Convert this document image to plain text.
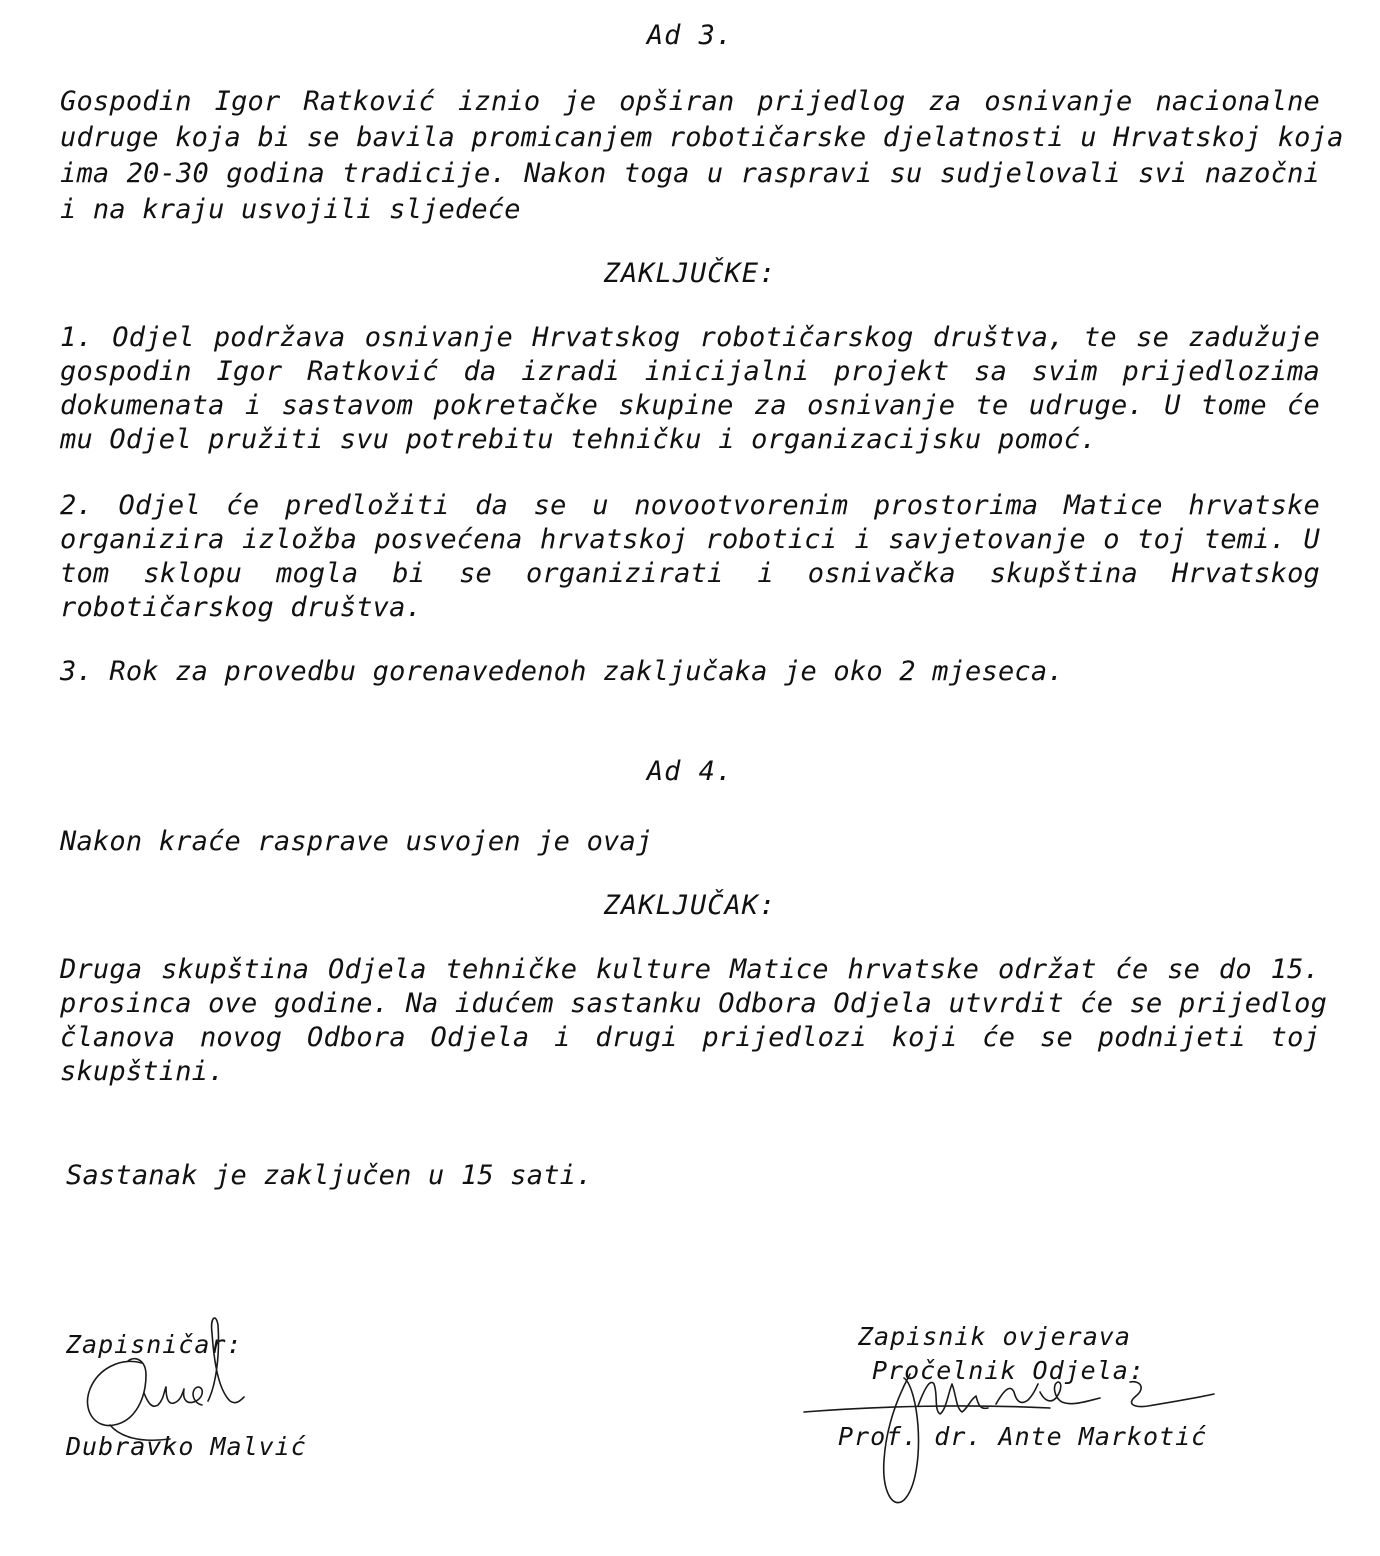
Ad 3.
Gospodin Igor Ratković iznio je opširan prijedlog za osnivanje nacionalne
udruge koja bi se bavila promicanjem robotičarske djelatnosti u Hrvatskoj koja
ima 20-30 godina tradicije. Nakon toga u raspravi su sudjelovali svi nazočni
i na kraju usvojili sljedeće
ZAKLJUČKE:
1. Odjel podržava osnivanje Hrvatskog robotičarskog društva, te se zadužuje
gospodin Igor Ratković da izradi inicijalni projekt sa svim prijedlozima
dokumenata i sastavom pokretačke skupine za osnivanje te udruge. U tome će
mu Odjel pružiti svu potrebitu tehničku i organizacijsku pomoć.
2. Odjel će predložiti da se u novootvorenim prostorima Matice hrvatske
organizira izložba posvećena hrvatskoj robotici i savjetovanje o toj temi. U
tom sklopu mogla bi se organizirati i osnivačka skupština Hrvatskog
robotičarskog društva.
3. Rok za provedbu gorenavedenoh zaključaka je oko 2 mjeseca.
Ad 4.
Nakon kraće rasprave usvojen je ovaj
ZAKLJUČAK:
Druga skupština Odjela tehničke kulture Matice hrvatske održat će se do 15.
prosinca ove godine. Na idućem sastanku Odbora Odjela utvrdit će se prijedlog
članova novog Odbora Odjela i drugi prijedlozi koji će se podnijeti toj
skupštini.
Sastanak je zaključen u 15 sati.
Zapisničar:
Dubravko Malvić
Zapisnik ovjerava
Pročelnik Odjela:
Prof. dr. Ante Markotić
